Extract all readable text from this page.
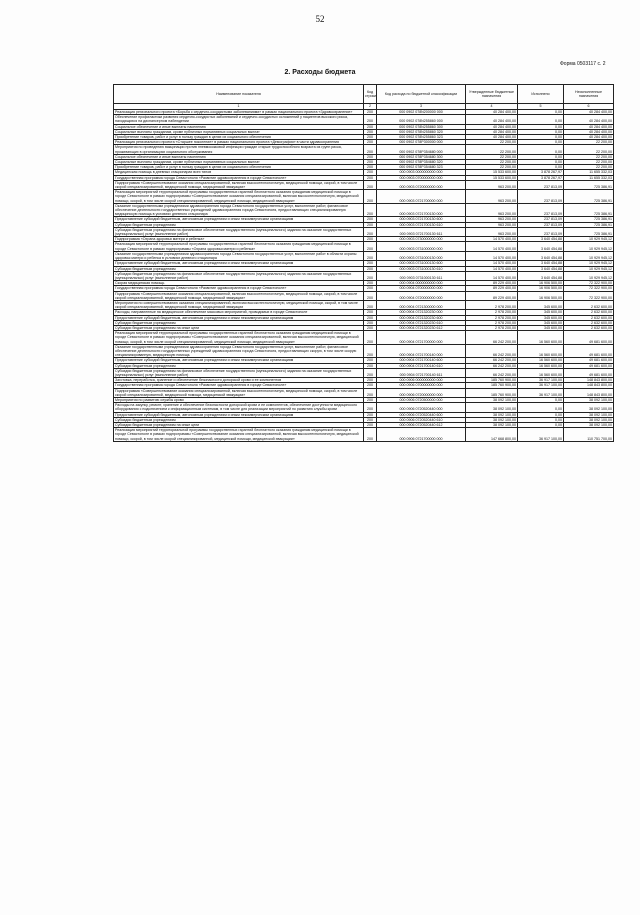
52
Форма 0503117 с. 2
2. Расходы бюджета
Наименование показателя	Код строки	Код расхода по бюджетной классификации	Утвержденные бюджетные назначения	Исполнено	Неисполненные назначения
1	2	3	4	5	6
Реализация регионального проекта «Борьба с сердечно-сосудистыми заболеваниями» в рамках национального проекта «Здравоохранение»	200	000 0902 078N200000 000	40 284 400,00	0,00	40 284 400,00
Обеспечение профилактики развития сердечно-сосудистых заболеваний и сердечно-сосудистых осложнений у пациентов высокого риска, находящихся на диспансерном наблюдении	200	000 0902 078N255860 000	40 284 400,00	0,00	40 284 400,00
Социальное обеспечение и иные выплаты населению	200	000 0902 078N255860 300	40 284 400,00	0,00	40 284 400,00
Социальные выплаты гражданам, кроме публичных нормативных социальных выплат	200	000 0902 078N255860 320	40 284 400,00	0,00	40 284 400,00
Приобретение товаров, работ и услуг в пользу граждан в целях их социального обеспечения	200	000 0902 078N255860 323	40 284 400,00	0,00	40 284 400,00
Реализация регионального проекта «Старшее поколение» в рамках национального проекта «Демография» в части здравоохранения	200	000 0902 078P300000 000	22 200,00	0,00	22 200,00
Мероприятия по проведению вакцинации против пневмококковой инфекции граждан старше трудоспособного возраста из групп риска, проживающих в организациях социального обслуживания	200	000 0902 078P354680 000	22 200,00	0,00	22 200,00
Социальное обеспечение и иные выплаты населению	200	000 0902 078P354680 300	22 200,00	0,00	22 200,00
Социальные выплаты гражданам, кроме публичных нормативных социальных выплат	200	000 0902 078P354680 320	22 200,00	0,00	22 200,00
Приобретение товаров, работ и услуг в пользу граждан в целях их социального обеспечения	200	000 0902 078P354680 323	22 200,00	0,00	22 200,00
Медицинская помощь в дневных стационарах всех типов	200	000 0903 0000000000 000	15 533 600,00	3 878 267,97	11 655 332,03
Государственная программа города Севастополя «Развитие здравоохранения в городе Севастополе»	200	000 0903 0700000000 000	15 533 600,00	3 878 267,97	11 655 332,03
Подпрограмма «Совершенствование оказания специализированной, включая высокотехнологичную, медицинской помощи, скорой, в том числе скорой специализированной, медицинской помощи, медицинской эвакуации»	200	000 0903 0720000000 000	963 200,00	237 813,09	725 386,91
Реализация мероприятий территориальной программы государственных гарантий бесплатного оказания гражданам медицинской помощи в городе Севастополе в рамках подпрограммы «Совершенствование оказания специализированной, включая высокотехнологичную, медицинской помощи, скорой, в том числе скорой специализированной, медицинской помощи, медицинской эвакуации»	200	000 0903 0721700000 000	963 200,00	237 813,09	725 386,91
Оказание государственными учреждениями здравоохранения города Севастополя государственных услуг, выполнение работ, финансовое обеспечение деятельности государственных учреждений здравоохранения города Севастополя, предоставляющих специализированную медицинскую помощь в условиях дневного стационара	200	000 0903 0721700130 000	963 200,00	237 813,09	725 386,91
Предоставление субсидий бюджетным, автономным учреждениям и иным некоммерческим организациям	200	000 0903 0721700130 600	963 200,00	237 813,09	725 386,91
Субсидии бюджетным учреждениям	200	000 0903 0721700130 610	963 200,00	237 813,09	725 386,91
Субсидии бюджетным учреждениям на финансовое обеспечение государственного (муниципального) задания на оказание государственных (муниципальных) услуг (выполнение работ)	200	000 0903 0721700130 611	963 200,00	237 813,09	725 386,91
Подпрограмма «Охрана здоровья матери и ребенка»	200	000 0903 0730000000 000	14 570 400,00	3 640 454,88	10 929 945,12
Реализация мероприятий территориальной программы государственных гарантий бесплатного оказания гражданам медицинской помощи в городе Севастополе в рамках подпрограммы «Охрана здоровья матери и ребенка»	200	000 0903 0731000000 000	14 570 400,00	3 640 454,88	10 929 945,12
Оказание государственными учреждениями здравоохранения города Севастополя государственных услуг, выполнение работ в области охраны здоровья матери и ребенка в условиях дневного стационара	200	000 0903 0731000130 000	14 570 400,00	3 640 454,88	10 929 945,12
Предоставление субсидий бюджетным, автономным учреждениям и иным некоммерческим организациям	200	000 0903 0731000130 600	14 570 400,00	3 640 454,88	10 929 945,12
Субсидии бюджетным учреждениям	200	000 0903 0731000130 610	14 570 400,00	3 640 454,88	10 929 945,12
Субсидии бюджетным учреждениям на финансовое обеспечение государственного (муниципального) задания на оказание государственных (муниципальных) услуг (выполнение работ)	200	000 0903 0731000130 611	14 570 400,00	3 640 454,88	10 929 945,12
Скорая медицинская помощь	200	000 0904 0000000000 000	89 229 400,00	16 906 500,00	72 322 900,00
Государственная программа города Севастополя «Развитие здравоохранения в городе Севастополе»	200	000 0904 0700000000 000	89 229 400,00	16 906 500,00	72 322 900,00
Подпрограмма «Совершенствование оказания специализированной, включая высокотехнологичную, медицинской помощи, скорой, в том числе скорой специализированной, медицинской помощи, медицинской эвакуации»	200	000 0904 0720000000 000	89 229 400,00	16 906 500,00	72 322 900,00
Мероприятия по совершенствованию оказания специализированной, включая высокотехнологичную, медицинской помощи, скорой, в том числе скорой специализированной, медицинской помощи, медицинской эвакуации	200	000 0904 0721300000 000	2 978 200,00	345 600,00	2 632 600,00
Расходы, направленные на медицинское обеспечение массовых мероприятий, проводимых в городе Севастополе	200	000 0904 0721320230 000	2 978 200,00	345 600,00	2 632 600,00
Предоставление субсидий бюджетным, автономным учреждениям и иным некоммерческим организациям	200	000 0904 0721320230 600	2 978 200,00	345 600,00	2 632 600,00
Субсидии бюджетным учреждениям	200	000 0904 0721320230 610	2 978 200,00	345 600,00	2 632 600,00
Субсидии бюджетным учреждениям на иные цели	200	000 0904 0721320230 612	2 978 200,00	345 600,00	2 632 600,00
Реализация мероприятий территориальной программы государственных гарантий бесплатного оказания гражданам медицинской помощи в городе Севастополе в рамках подпрограммы «Совершенствование оказания специализированной, включая высокотехнологичную, медицинской помощи, скорой, в том числе скорой специализированной, медицинской помощи, медицинской эвакуации»	200	000 0904 0721700000 000	66 242 200,00	16 560 600,00	49 681 600,00
Оказание государственными учреждениями здравоохранения города Севастополя государственных услуг, выполнение работ, финансовое обеспечение деятельности государственных учреждений здравоохранения города Севастополя, предоставляющих скорую, в том числе скорую специализированную, медицинскую помощь	200	000 0904 0721700140 000	66 242 200,00	16 560 600,00	49 681 600,00
Предоставление субсидий бюджетным, автономным учреждениям и иным некоммерческим организациям	200	000 0904 0721700140 600	66 242 200,00	16 560 600,00	49 681 600,00
Субсидии бюджетным учреждениям	200	000 0904 0721700140 610	66 242 200,00	16 560 600,00	49 681 600,00
Субсидии бюджетным учреждениям на финансовое обеспечение государственного (муниципального) задания на оказание государственных (муниципальных) услуг (выполнение работ)	200	000 0904 0721700140 611	66 242 200,00	16 560 600,00	49 681 600,00
Заготовка, переработка, хранение и обеспечение безопасности донорской крови и ее компонентов	200	000 0906 0000000000 000	185 760 900,00	36 917 100,00	148 843 800,00
Государственная программа города Севастополя «Развитие здравоохранения в городе Севастополе»	200	000 0906 0700000000 000	185 760 900,00	36 917 100,00	148 843 800,00
Подпрограмма «Совершенствование оказания специализированной, включая высокотехнологичную, медицинской помощи, скорой, в том числе скорой специализированной, медицинской помощи, медицинской эвакуации»	200	000 0906 0720000000 000	185 760 900,00	36 917 100,00	148 843 800,00
Мероприятия по развитию службы крови	200	000 0906 0720500000 000	38 092 100,00	0,00	38 092 100,00
Расходы на закупку, ремонт, хранение и обеспечение безопасности донорской крови и ее компонентов, обеспечение доступности медицинского оборудования с подключением к информационным системам, в том числе для реализации мероприятий по развитию службы крови	200	000 0906 0720520440 000	38 092 100,00	0,00	38 092 100,00
Предоставление субсидий бюджетным, автономным учреждениям и иным некоммерческим организациям	200	000 0906 0720520440 600	38 092 100,00	0,00	38 092 100,00
Субсидии бюджетным учреждениям	200	000 0906 0720520440 610	38 092 100,00	0,00	38 092 100,00
Субсидии бюджетным учреждениям на иные цели	200	000 0906 0720520440 612	38 092 100,00	0,00	38 092 100,00
Реализация мероприятий территориальной программы государственных гарантий бесплатного оказания гражданам медицинской помощи в городе Севастополе в рамках подпрограммы «Совершенствование оказания специализированной, включая высокотехнологичную, медицинской помощи, скорой, в том числе скорой специализированной, медицинской помощи, медицинской эвакуации»	200	000 0906 0721700000 000	147 668 800,00	36 917 100,00	110 751 700,00
